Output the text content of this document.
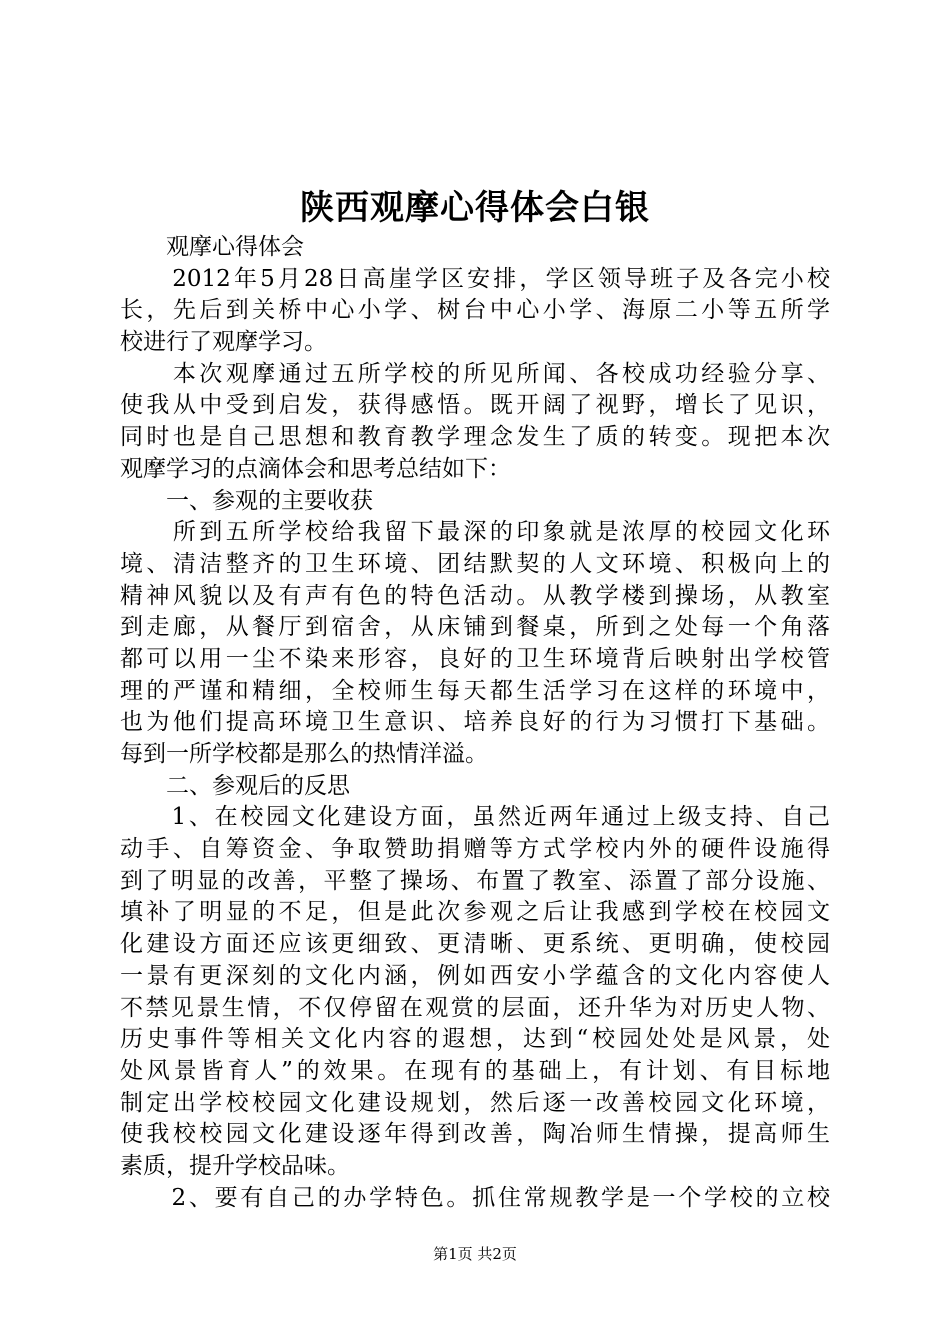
陕西观摩心得体会白银
　　观摩心得体会
　　2012年5月28日高崖学区安排，学区领导班子及各完小校
长，先后到关桥中心小学、树台中心小学、海原二小等五所学
校进行了观摩学习。
　　本次观摩通过五所学校的所见所闻、各校成功经验分享、
使我从中受到启发，获得感悟。既开阔了视野，增长了见识，
同时也是自己思想和教育教学理念发生了质的转变。现把本次
观摩学习的点滴体会和思考总结如下：
　　一、参观的主要收获
　　所到五所学校给我留下最深的印象就是浓厚的校园文化环
境、清洁整齐的卫生环境、团结默契的人文环境、积极向上的
精神风貌以及有声有色的特色活动。从教学楼到操场，从教室
到走廊，从餐厅到宿舍，从床铺到餐桌，所到之处每一个角落
都可以用一尘不染来形容，良好的卫生环境背后映射出学校管
理的严谨和精细，全校师生每天都生活学习在这样的环境中，
也为他们提高环境卫生意识、培养良好的行为习惯打下基础。
每到一所学校都是那么的热情洋溢。
　　二、参观后的反思
　　1、在校园文化建设方面，虽然近两年通过上级支持、自己
动手、自筹资金、争取赞助捐赠等方式学校内外的硬件设施得
到了明显的改善，平整了操场、布置了教室、添置了部分设施、
填补了明显的不足，但是此次参观之后让我感到学校在校园文
化建设方面还应该更细致、更清晰、更系统、更明确，使校园
一景有更深刻的文化内涵，例如西安小学蕴含的文化内容使人
不禁见景生情，不仅停留在观赏的层面，还升华为对历史人物、
历史事件等相关文化内容的遐想，达到“校园处处是风景，处
处风景皆育人”的效果。在现有的基础上，有计划、有目标地
制定出学校校园文化建设规划，然后逐一改善校园文化环境，
使我校校园文化建设逐年得到改善，陶冶师生情操，提高师生
素质，提升学校品味。
　　2、要有自己的办学特色。抓住常规教学是一个学校的立校
第1页 共2页
